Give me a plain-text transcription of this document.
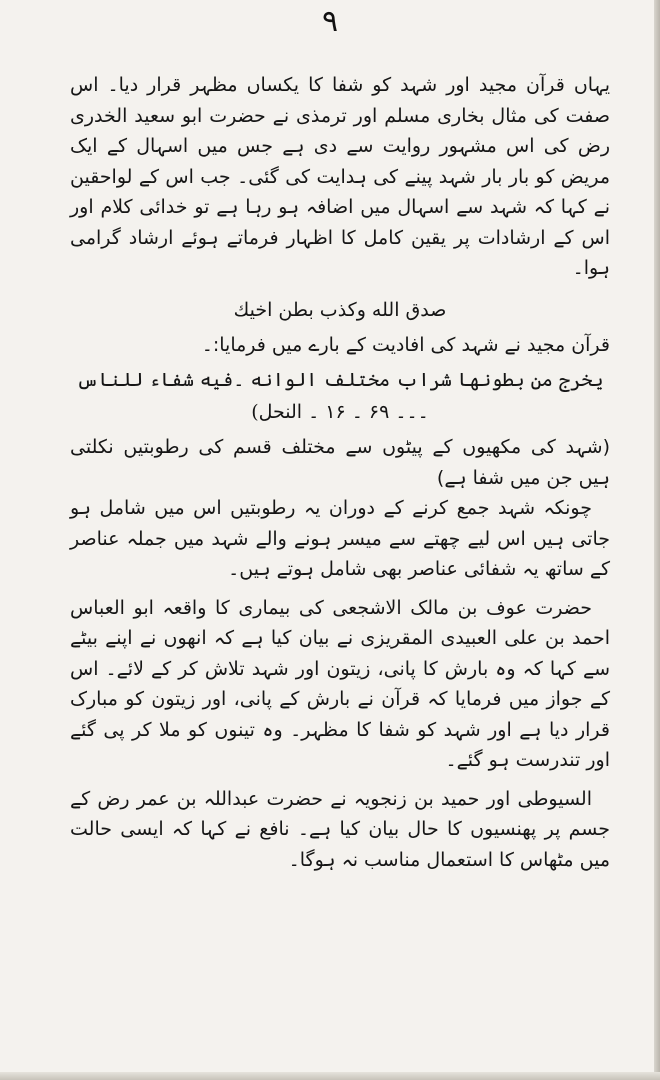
۹

یہاں قرآن مجید اور شہد کو شفا کا یکساں مظہر قرار دیا۔ اس صفت کی مثال بخاری مسلم اور ترمذی نے حضرت ابو سعید الخدری رض کی اس مشہور روایت سے دی ہے جس میں اسہال کے ایک مریض کو بار بار شہد پینے کی ہدایت کی گئی۔ جب اس کے لواحقین نے کہا کہ شہد سے اسہال میں اضافہ ہو رہا ہے تو خدائی کلام اور اس کے ارشادات پر یقین کامل کا اظہار فرماتے ہوئے ارشاد گرامی ہوا۔

صدق الله وكذب بطن اخيك

قرآن مجید نے شہد کی افادیت کے بارے میں فرمایا:۔

يخرج من بطونها شراب مختلف الوانه ۔فيه شفاء للناس ۔۔۔ ۶۹ ۔ ۱۶ ۔ النحل)

(شہد کی مکھیوں کے پیٹوں سے مختلف قسم کی رطوبتیں نکلتی ہیں جن میں شفا ہے)

چونکہ شہد جمع کرنے کے دوران یہ رطوبتیں اس میں شامل ہو جاتی ہیں اس لیے چھتے سے میسر ہونے والے شہد میں جملہ عناصر کے ساتھ یہ شفائی عناصر بھی شامل ہوتے ہیں۔

حضرت عوف بن مالک الاشجعی کی بیماری کا واقعہ ابو العباس احمد بن علی العبیدی المقریزی نے بیان کیا ہے کہ انھوں نے اپنے بیٹے سے کہا کہ وہ بارش کا پانی، زیتون اور شہد تلاش کر کے لائے۔ اس کے جواز میں فرمایا کہ قرآن نے بارش کے پانی، اور زیتون کو مبارک قرار دیا ہے اور شہد کو شفا کا مظہر۔ وہ تینوں کو ملا کر پی گئے اور تندرست ہو گئے۔

السیوطی اور حمید بن زنجویہ نے حضرت عبداللہ بن عمر رض کے جسم پر پھنسیوں کا حال بیان کیا ہے۔ نافع نے کہا کہ ایسی حالت میں مٹھاس کا استعمال مناسب نہ ہوگا۔
